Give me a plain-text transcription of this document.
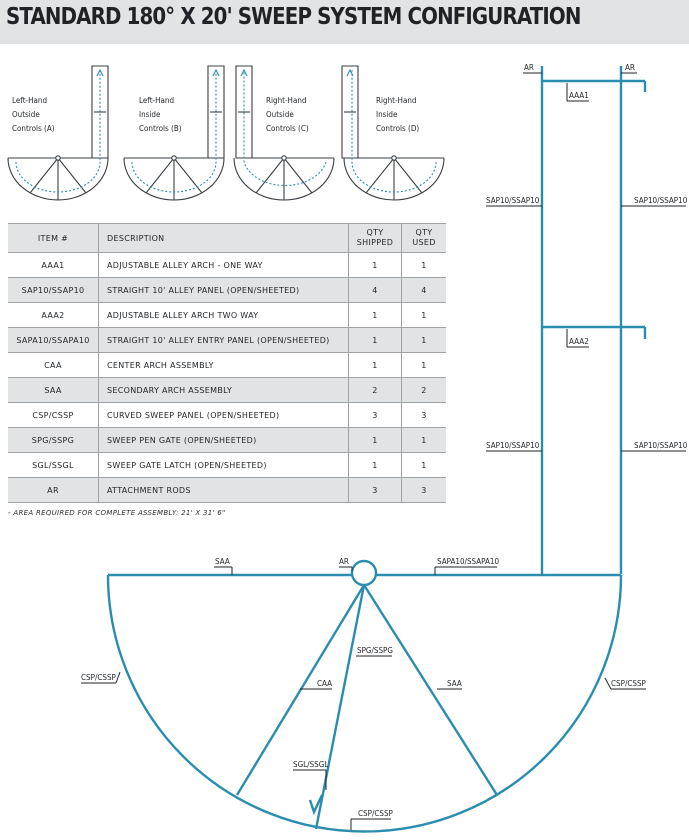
STANDARD 180° X 20' SWEEP SYSTEM CONFIGURATION
AR	AR
AAA1
SAP10/SSAP10	SAP10/SSAP10
AAA2
SAP10/SSAP10	SAP10/SSAP10
SAA	AR	SAPA10/SSAPA10
SPG/SSPG
CSP/CSSP
CAA	SAA	CSP/CSSP
SGL/SSGL
CSP/CSSP
Left-Hand
Outside
Controls (A)
Left-Hand
Inside
Controls (B)
Right-Hand
Outside
Controls (C)
Right-Hand
Inside
Controls (D)
ITEM #	DESCRIPTION	QTY SHIPPED	QTY USED
AAA1	ADJUSTABLE ALLEY ARCH - ONE WAY	1	1
SAP10/SSAP10	STRAIGHT 10' ALLEY PANEL (OPEN/SHEETED)	4	4
AAA2	ADJUSTABLE ALLEY ARCH TWO WAY	1	1
SAPA10/SSAPA10	STRAIGHT 10' ALLEY ENTRY PANEL (OPEN/SHEETED)	1	1
CAA	CENTER ARCH ASSEMBLY	1	1
SAA	SECONDARY ARCH ASSEMBLY	2	2
CSP/CSSP	CURVED SWEEP PANEL (OPEN/SHEETED)	3	3
SPG/SSPG	SWEEP PEN GATE (OPEN/SHEETED)	1	1
SGL/SSGL	SWEEP GATE LATCH (OPEN/SHEETED)	1	1
AR	ATTACHMENT RODS	3	3
- AREA REQUIRED FOR COMPLETE ASSEMBLY: 21' X 31' 6"
